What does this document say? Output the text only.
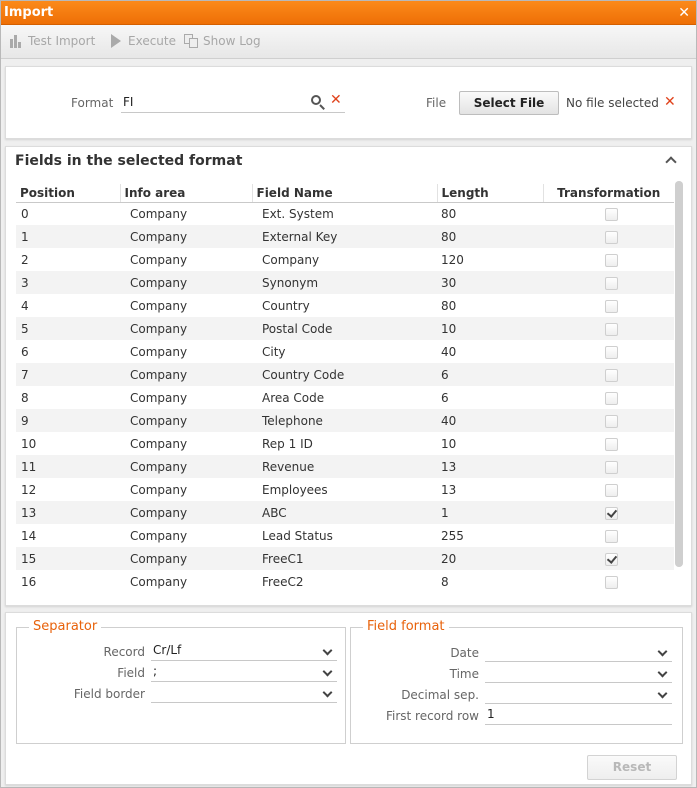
Import	✕
Test Import	Execute Show Log
Format FI	✕	File	Select File	No file selected ✕
Fields in the selected format
Position	Info area	Field Name	Length	Transformation
0	Company	Ext. System	80	
1	Company	External Key	80	
2	Company	Company	120	
3	Company	Synonym	30	
4	Company	Country	80	
5	Company	Postal Code	10	
6	Company	City	40	
7	Company	Country Code	6	
8	Company	Area Code	6	
9	Company	Telephone	40	
10	Company	Rep 1 ID	10	
11	Company	Revenue	13	
12	Company	Employees	13	
13	Company	ABC	1	
14	Company	Lead Status	255	
15	Company	FreeC1	20	
16	Company	FreeC2	8	
Separator
Record Cr/Lf
Field ;
Field border
Field format
Date
Time
Decimal sep.
First record row 1
Reset
